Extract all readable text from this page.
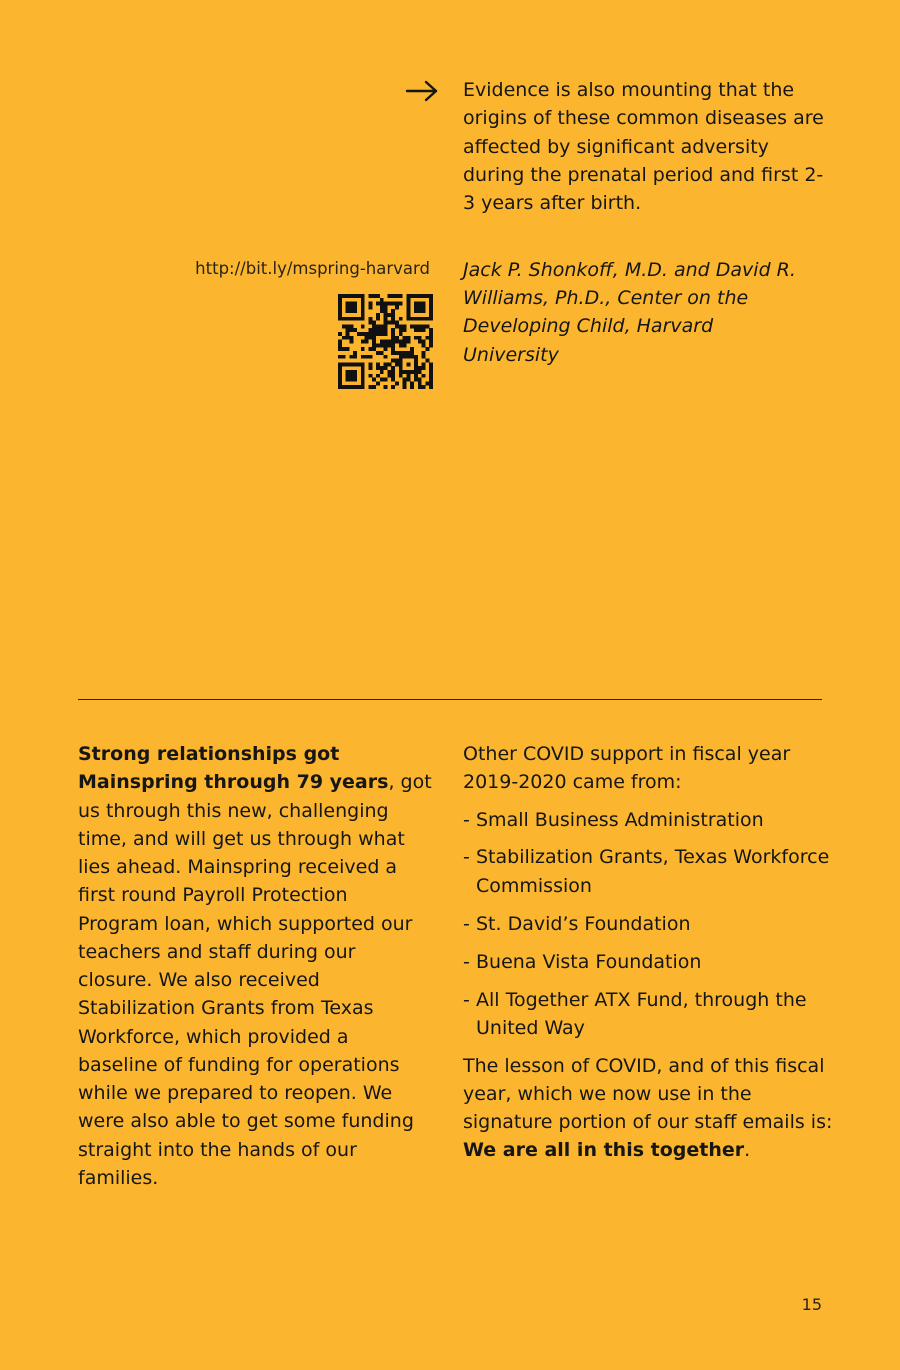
Evidence is also mounting that the origins of these common diseases are affected by significant adversity during the prenatal period and first 2-3 years after birth.

http://bit.ly/mspring-harvard Jack P. Shonkoff, M.D. and David R. Williams, Ph.D., Center on the Developing Child, Harvard University

Strong relationships got Mainspring through 79 years, got us through this new, challenging time, and will get us through what lies ahead. Mainspring received a first round Payroll Protection Program loan, which supported our teachers and staff during our closure. We also received Stabilization Grants from Texas Workforce, which provided a baseline of funding for operations while we prepared to reopen. We were also able to get some funding straight into the hands of our families.

Other COVID support in fiscal year 2019-2020 came from:

- Small Business Administration
- Stabilization Grants, Texas Workforce Commission
- St. David’s Foundation
- Buena Vista Foundation
- All Together ATX Fund, through the United Way

The lesson of COVID, and of this fiscal year, which we now use in the signature portion of our staff emails is: We are all in this together.

15
